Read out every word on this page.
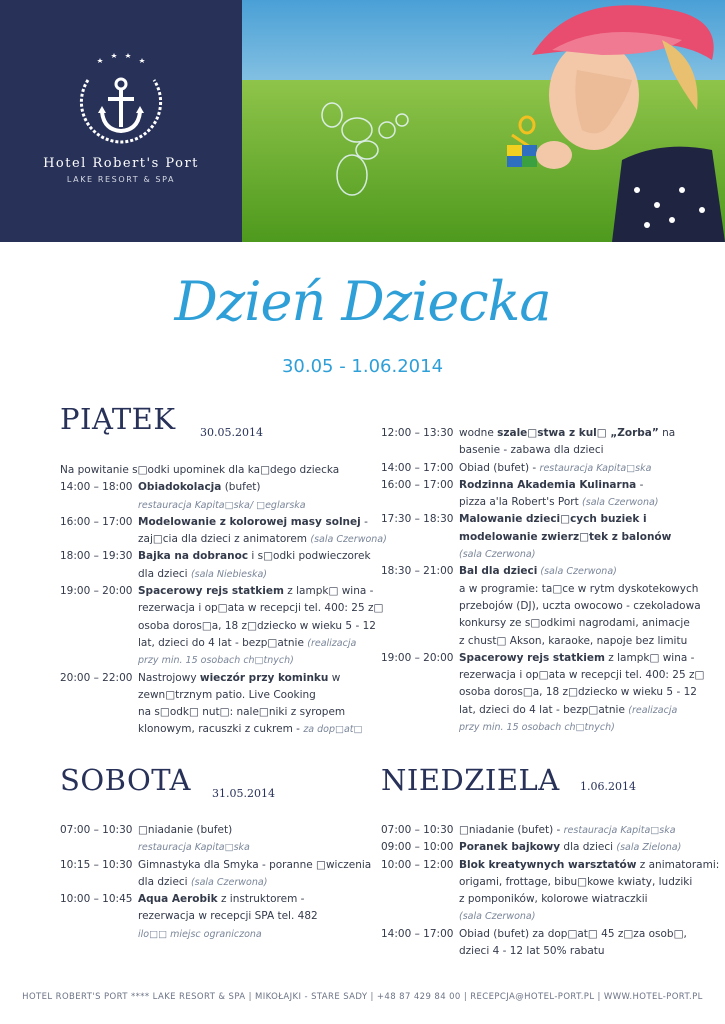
Hotel Robert's Port
LAKE RESORT & SPA
Dzień Dziecka
30.05 - 1.06.2014
PIĄTEK 30.05.2014
Na powitanie s□odki upominek dla ka□dego dziecka
14:00 – 18:00 Obiadokolacja (bufet)
restauracja Kapita□ska/ □eglarska
16:00 – 17:00 Modelowanie z kolorowej masy solnej -
zaj□cia dla dzieci z animatorem (sala Czerwona)
18:00 – 19:30 Bajka na dobranoc i s□odki podwieczorek
dla dzieci (sala Niebieska)
19:00 – 20:00 Spacerowy rejs statkiem z lampk□ wina -
rezerwacja i op□ata w recepcji tel. 400: 25 z□
osoba doros□a, 18 z□dziecko w wieku 5 - 12
lat, dzieci do 4 lat - bezp□atnie (realizacja
przy min. 15 osobach ch□tnych)
20:00 – 22:00 Nastrojowy wieczór przy kominku w
zewn□trznym patio. Live Cooking
na s□odk□ nut□: nale□niki z syropem
klonowym, racuszki z cukrem - za dop□at□
12:00 – 13:30 wodne szale□stwa z kul□ „Zorba” na
basenie - zabawa dla dzieci
14:00 – 17:00 Obiad (bufet) - restauracja Kapita□ska
16:00 – 17:00 Rodzinna Akademia Kulinarna -
pizza a'la Robert's Port (sala Czerwona)
17:30 – 18:30 Malowanie dzieci□cych buziek i
modelowanie zwierz□tek z balonów
(sala Czerwona)
18:30 – 21:00 Bal dla dzieci (sala Czerwona)
a w programie: ta□ce w rytm dyskotekowych
przebojów (DJ), uczta owocowo - czekoladowa
konkursy ze s□odkimi nagrodami, animacje
z chust□ Akson, karaoke, napoje bez limitu
19:00 – 20:00 Spacerowy rejs statkiem z lampk□ wina -
rezerwacja i op□ata w recepcji tel. 400: 25 z□
osoba doros□a, 18 z□dziecko w wieku 5 - 12
lat, dzieci do 4 lat - bezp□atnie (realizacja
przy min. 15 osobach ch□tnych)
SOBOTA 31.05.2014
07:00 – 10:30 □niadanie (bufet)
restauracja Kapita□ska
10:15 – 10:30 Gimnastyka dla Smyka - poranne □wiczenia
dla dzieci (sala Czerwona)
10:00 – 10:45 Aqua Aerobik z instruktorem -
rezerwacja w recepcji SPA tel. 482
ilo□□ miejsc ograniczona
NIEDZIELA 1.06.2014
07:00 – 10:30 □niadanie (bufet) - restauracja Kapita□ska
09:00 – 10:00 Poranek bajkowy dla dzieci (sala Zielona)
10:00 – 12:00 Blok kreatywnych warsztatów z animatorami:
origami, frottage, bibu□kowe kwiaty, ludziki
z pomponików, kolorowe wiatraczkii
(sala Czerwona)
14:00 – 17:00 Obiad (bufet) za dop□at□ 45 z□za osob□,
dzieci 4 - 12 lat 50% rabatu
HOTEL ROBERT'S PORT **** LAKE RESORT & SPA | MIKOŁAJKI - STARE SADY | +48 87 429 84 00 | RECEPCJA@HOTEL-PORT.PL | WWW.HOTEL-PORT.PL
